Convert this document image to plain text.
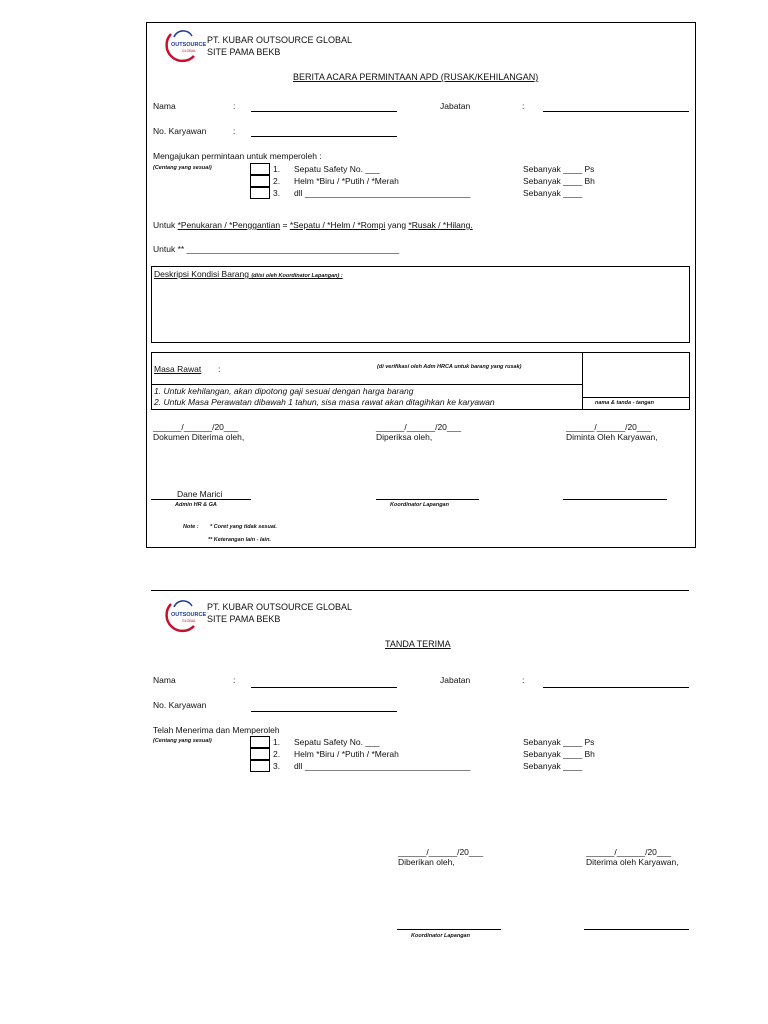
OUTSOURCE
GLOBAL
PT. KUBAR OUTSOURCE GLOBAL
SITE PAMA BEKB
BERITA ACARA PERMINTAAN APD (RUSAK/KEHILANGAN)
Nama	:	Jabatan	:
No. Karyawan	:
Mengajukan permintaan untuk memperoleh :
(Centang yang sesuai)	1. Sepatu Safety No. ___	Sebanyak ____ Ps
2. Helm *Biru / *Putih / *Merah	Sebanyak ____ Bh
3. dll ___________________________________	Sebanyak ____
Untuk *Penukaran / *Penggantian = *Sepatu / *Helm / *Rompi yang *Rusak / *Hilang.
Untuk ** _____________________________________________
Deskripsi Kondisi Barang (diisi oleh Koordinator Lapangan) :
Masa Rawat :	(di verifikasi oleh Adm HRCA untuk barang yang rusak)
1. Untuk kehilangan, akan dipotong gaji sesuai dengan harga barang
2. Untuk Masa Perawatan dibawah 1 tahun, sisa masa rawat akan ditagihkan ke karyawan	nama & tanda - tangan
______/______/20___
Dokumen Diterima oleh,
______/______/20___
Diperiksa oleh,
______/______/20___
Diminta Oleh Karyawan,
Dane Marici
Admin HR & GA	Koordinator Lapangan
Note : * Coret yang tidak sesuai.
** Keterangan lain - lain.
OUTSOURCE
GLOBAL
PT. KUBAR OUTSOURCE GLOBAL
SITE PAMA BEKB
TANDA TERIMA
Nama	:	Jabatan	:
No. Karyawan
Telah Menerima dan Memperoleh
(Centang yang sesuai)	1. Sepatu Safety No. ___	Sebanyak ____ Ps
2. Helm *Biru / *Putih / *Merah	Sebanyak ____ Bh
3. dll ___________________________________	Sebanyak ____
______/______/20___
Diberikan oleh,
______/______/20___
Diterima oleh Karyawan,
Koordinator Lapangan
